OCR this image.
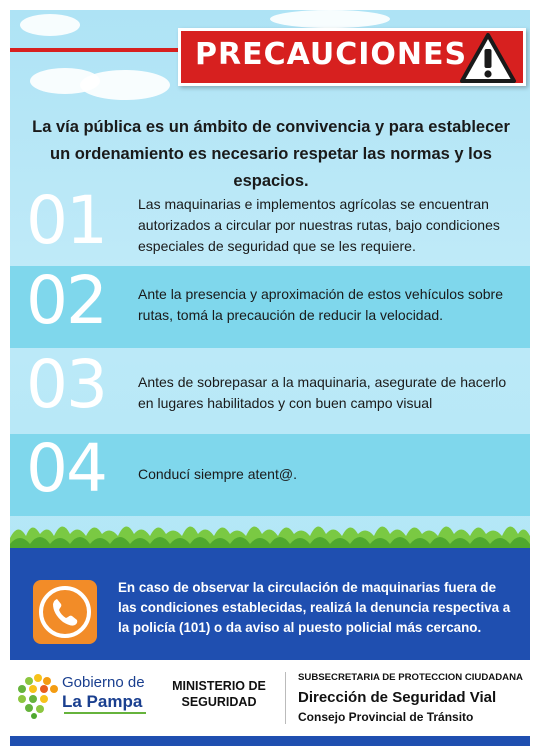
PRECAUCIONES
La vía pública es un ámbito de convivencia y para establecer un ordenamiento es necesario respetar las normas y los espacios.
01 Las maquinarias e implementos agrícolas se encuentran autorizados a circular por nuestras rutas, bajo condiciones especiales de seguridad que se les requiere.
02 Ante la presencia y aproximación de estos vehículos sobre rutas, tomá la precaución de reducir la velocidad.
03 Antes de sobrepasar a la maquinaria, asegurate de hacerlo en lugares habilitados y con buen campo visual
04 Conducí siempre atent@.
En caso de observar la circulación de maquinarias fuera de las condiciones establecidas, realizá la denuncia respectiva a la policía (101) o da aviso al puesto policial más cercano.
Gobierno de
La Pampa
MINISTERIO DE SEGURIDAD
SUBSECRETARIA DE PROTECCION CIUDADANA
Dirección de Seguridad Vial
Consejo Provincial de Tránsito
